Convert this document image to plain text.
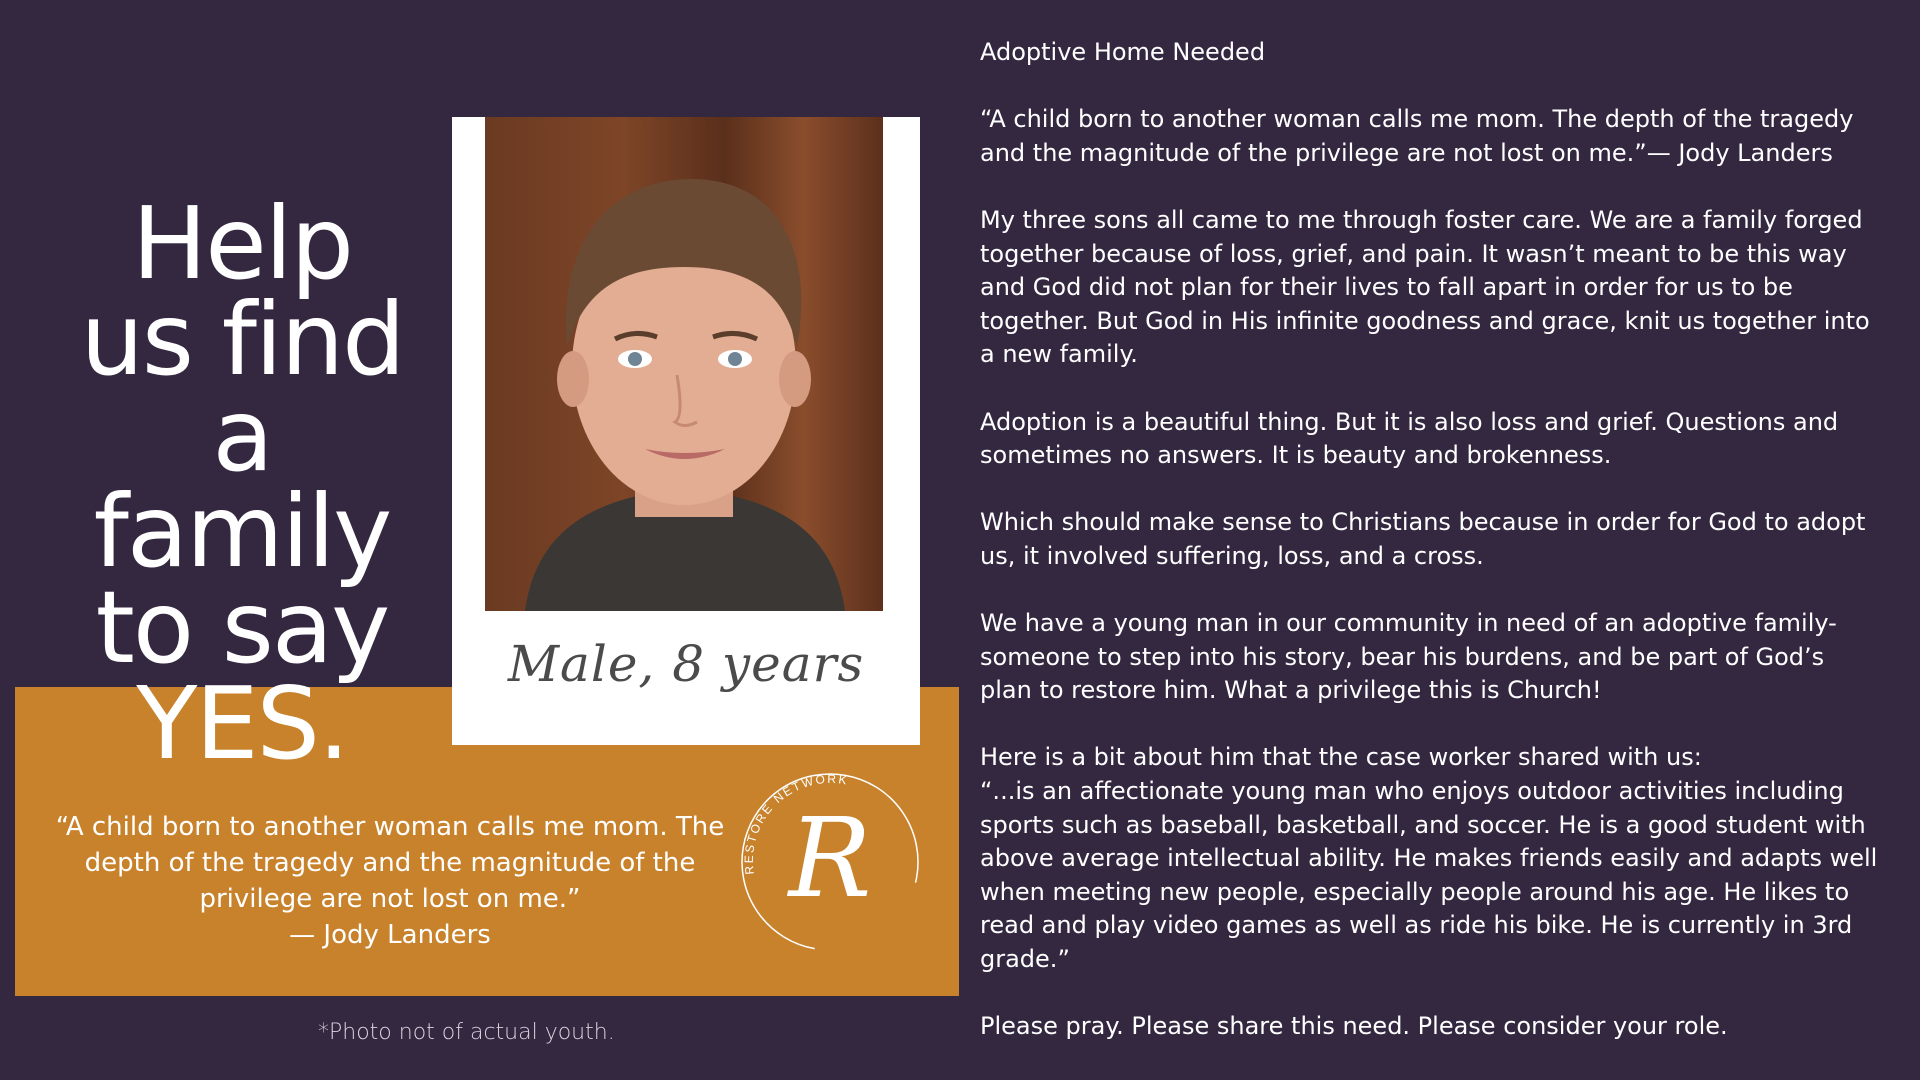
Help
us find
a
family
to say
YES.
Male, 8 years
“A child born to another woman calls me mom. The depth of the tragedy and the magnitude of the privilege are not lost on me.”
— Jody Landers
RESTORE NETWORK
R
*Photo not of actual youth.

Adoptive Home Needed

“A child born to another woman calls me mom. The depth of the tragedy and the magnitude of the privilege are not lost on me.”— Jody Landers

My three sons all came to me through foster care. We are a family forged together because of loss, grief, and pain. It wasn’t meant to be this way and God did not plan for their lives to fall apart in order for us to be together. But God in His infinite goodness and grace, knit us together into a new family.

Adoption is a beautiful thing. But it is also loss and grief. Questions and sometimes no answers. It is beauty and brokenness.

Which should make sense to Christians because in order for God to adopt us, it involved suffering, loss, and a cross.

We have a young man in our community in need of an adoptive family-someone to step into his story, bear his burdens, and be part of God’s plan to restore him. What a privilege this is Church!

Here is a bit about him that the case worker shared with us:
“...is an affectionate young man who enjoys outdoor activities including sports such as baseball, basketball, and soccer. He is a good student with above average intellectual ability. He makes friends easily and adapts well when meeting new people, especially people around his age. He likes to read and play video games as well as ride his bike. He is currently in 3rd grade.”

Please pray. Please share this need. Please consider your role.
